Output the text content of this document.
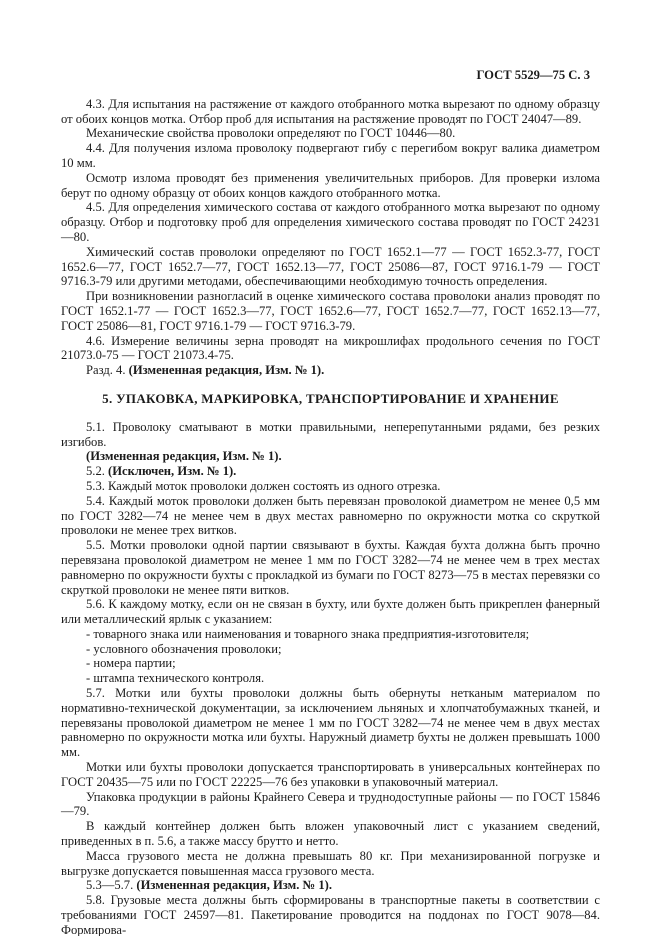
ГОСТ 5529—75 С. 3
4.3. Для испытания на растяжение от каждого отобранного мотка вырезают по одному образцу от обоих концов мотка. Отбор проб для испытания на растяжение проводят по ГОСТ 24047—89.
Механические свойства проволоки определяют по ГОСТ 10446—80.
4.4. Для получения излома проволоку подвергают гибу с перегибом вокруг валика диаметром 10 мм.
Осмотр излома проводят без применения увеличительных приборов. Для проверки излома берут по одному образцу от обоих концов каждого отобранного мотка.
4.5. Для определения химического состава от каждого отобранного мотка вырезают по одному образцу. Отбор и подготовку проб для определения химического состава проводят по ГОСТ 24231—80.
Химический состав проволоки определяют по ГОСТ 1652.1—77 — ГОСТ 1652.3-77, ГОСТ 1652.6—77, ГОСТ 1652.7—77, ГОСТ 1652.13—77, ГОСТ 25086—87, ГОСТ 9716.1-79 — ГОСТ 9716.3-79 или другими методами, обеспечивающими необходимую точность определения.
При возникновении разногласий в оценке химического состава проволоки анализ проводят по ГОСТ 1652.1-77 — ГОСТ 1652.3—77, ГОСТ 1652.6—77, ГОСТ 1652.7—77, ГОСТ 1652.13—77, ГОСТ 25086—81, ГОСТ 9716.1-79 — ГОСТ 9716.3-79.
4.6. Измерение величины зерна проводят на микрошлифах продольного сечения по ГОСТ 21073.0-75 — ГОСТ 21073.4-75.
Разд. 4. (Измененная редакция, Изм. № 1).
5. УПАКОВКА, МАРКИРОВКА, ТРАНСПОРТИРОВАНИЕ И ХРАНЕНИЕ
5.1. Проволоку сматывают в мотки правильными, неперепутанными рядами, без резких изгибов.
(Измененная редакция, Изм. № 1).
5.2. (Исключен, Изм. № 1).
5.3. Каждый моток проволоки должен состоять из одного отрезка.
5.4. Каждый моток проволоки должен быть перевязан проволокой диаметром не менее 0,5 мм по ГОСТ 3282—74 не менее чем в двух местах равномерно по окружности мотка со скруткой проволоки не менее трех витков.
5.5. Мотки проволоки одной партии связывают в бухты. Каждая бухта должна быть прочно перевязана проволокой диаметром не менее 1 мм по ГОСТ 3282—74 не менее чем в трех местах равномерно по окружности бухты с прокладкой из бумаги по ГОСТ 8273—75 в местах перевязки со скруткой проволоки не менее пяти витков.
5.6. К каждому мотку, если он не связан в бухту, или бухте должен быть прикреплен фанерный или металлический ярлык с указанием:
- товарного знака или наименования и товарного знака предприятия-изготовителя;
- условного обозначения проволоки;
- номера партии;
- штампа технического контроля.
5.7. Мотки или бухты проволоки должны быть обернуты нетканым материалом по нормативно-технической документации, за исключением льняных и хлопчатобумажных тканей, и перевязаны проволокой диаметром не менее 1 мм по ГОСТ 3282—74 не менее чем в двух местах равномерно по окружности мотка или бухты. Наружный диаметр бухты не должен превышать 1000 мм.
Мотки или бухты проволоки допускается транспортировать в универсальных контейнерах по ГОСТ 20435—75 или по ГОСТ 22225—76 без упаковки в упаковочный материал.
Упаковка продукции в районы Крайнего Севера и труднодоступные районы — по ГОСТ 15846—79.
В каждый контейнер должен быть вложен упаковочный лист с указанием сведений, приведенных в п. 5.6, а также массу брутто и нетто.
Масса грузового места не должна превышать 80 кг. При механизированной погрузке и выгрузке допускается повышенная масса грузового места.
5.3—5.7. (Измененная редакция, Изм. № 1).
5.8. Грузовые места должны быть сформированы в транспортные пакеты в соответствии с требованиями ГОСТ 24597—81. Пакетирование проводится на поддонах по ГОСТ 9078—84. Формирова-
